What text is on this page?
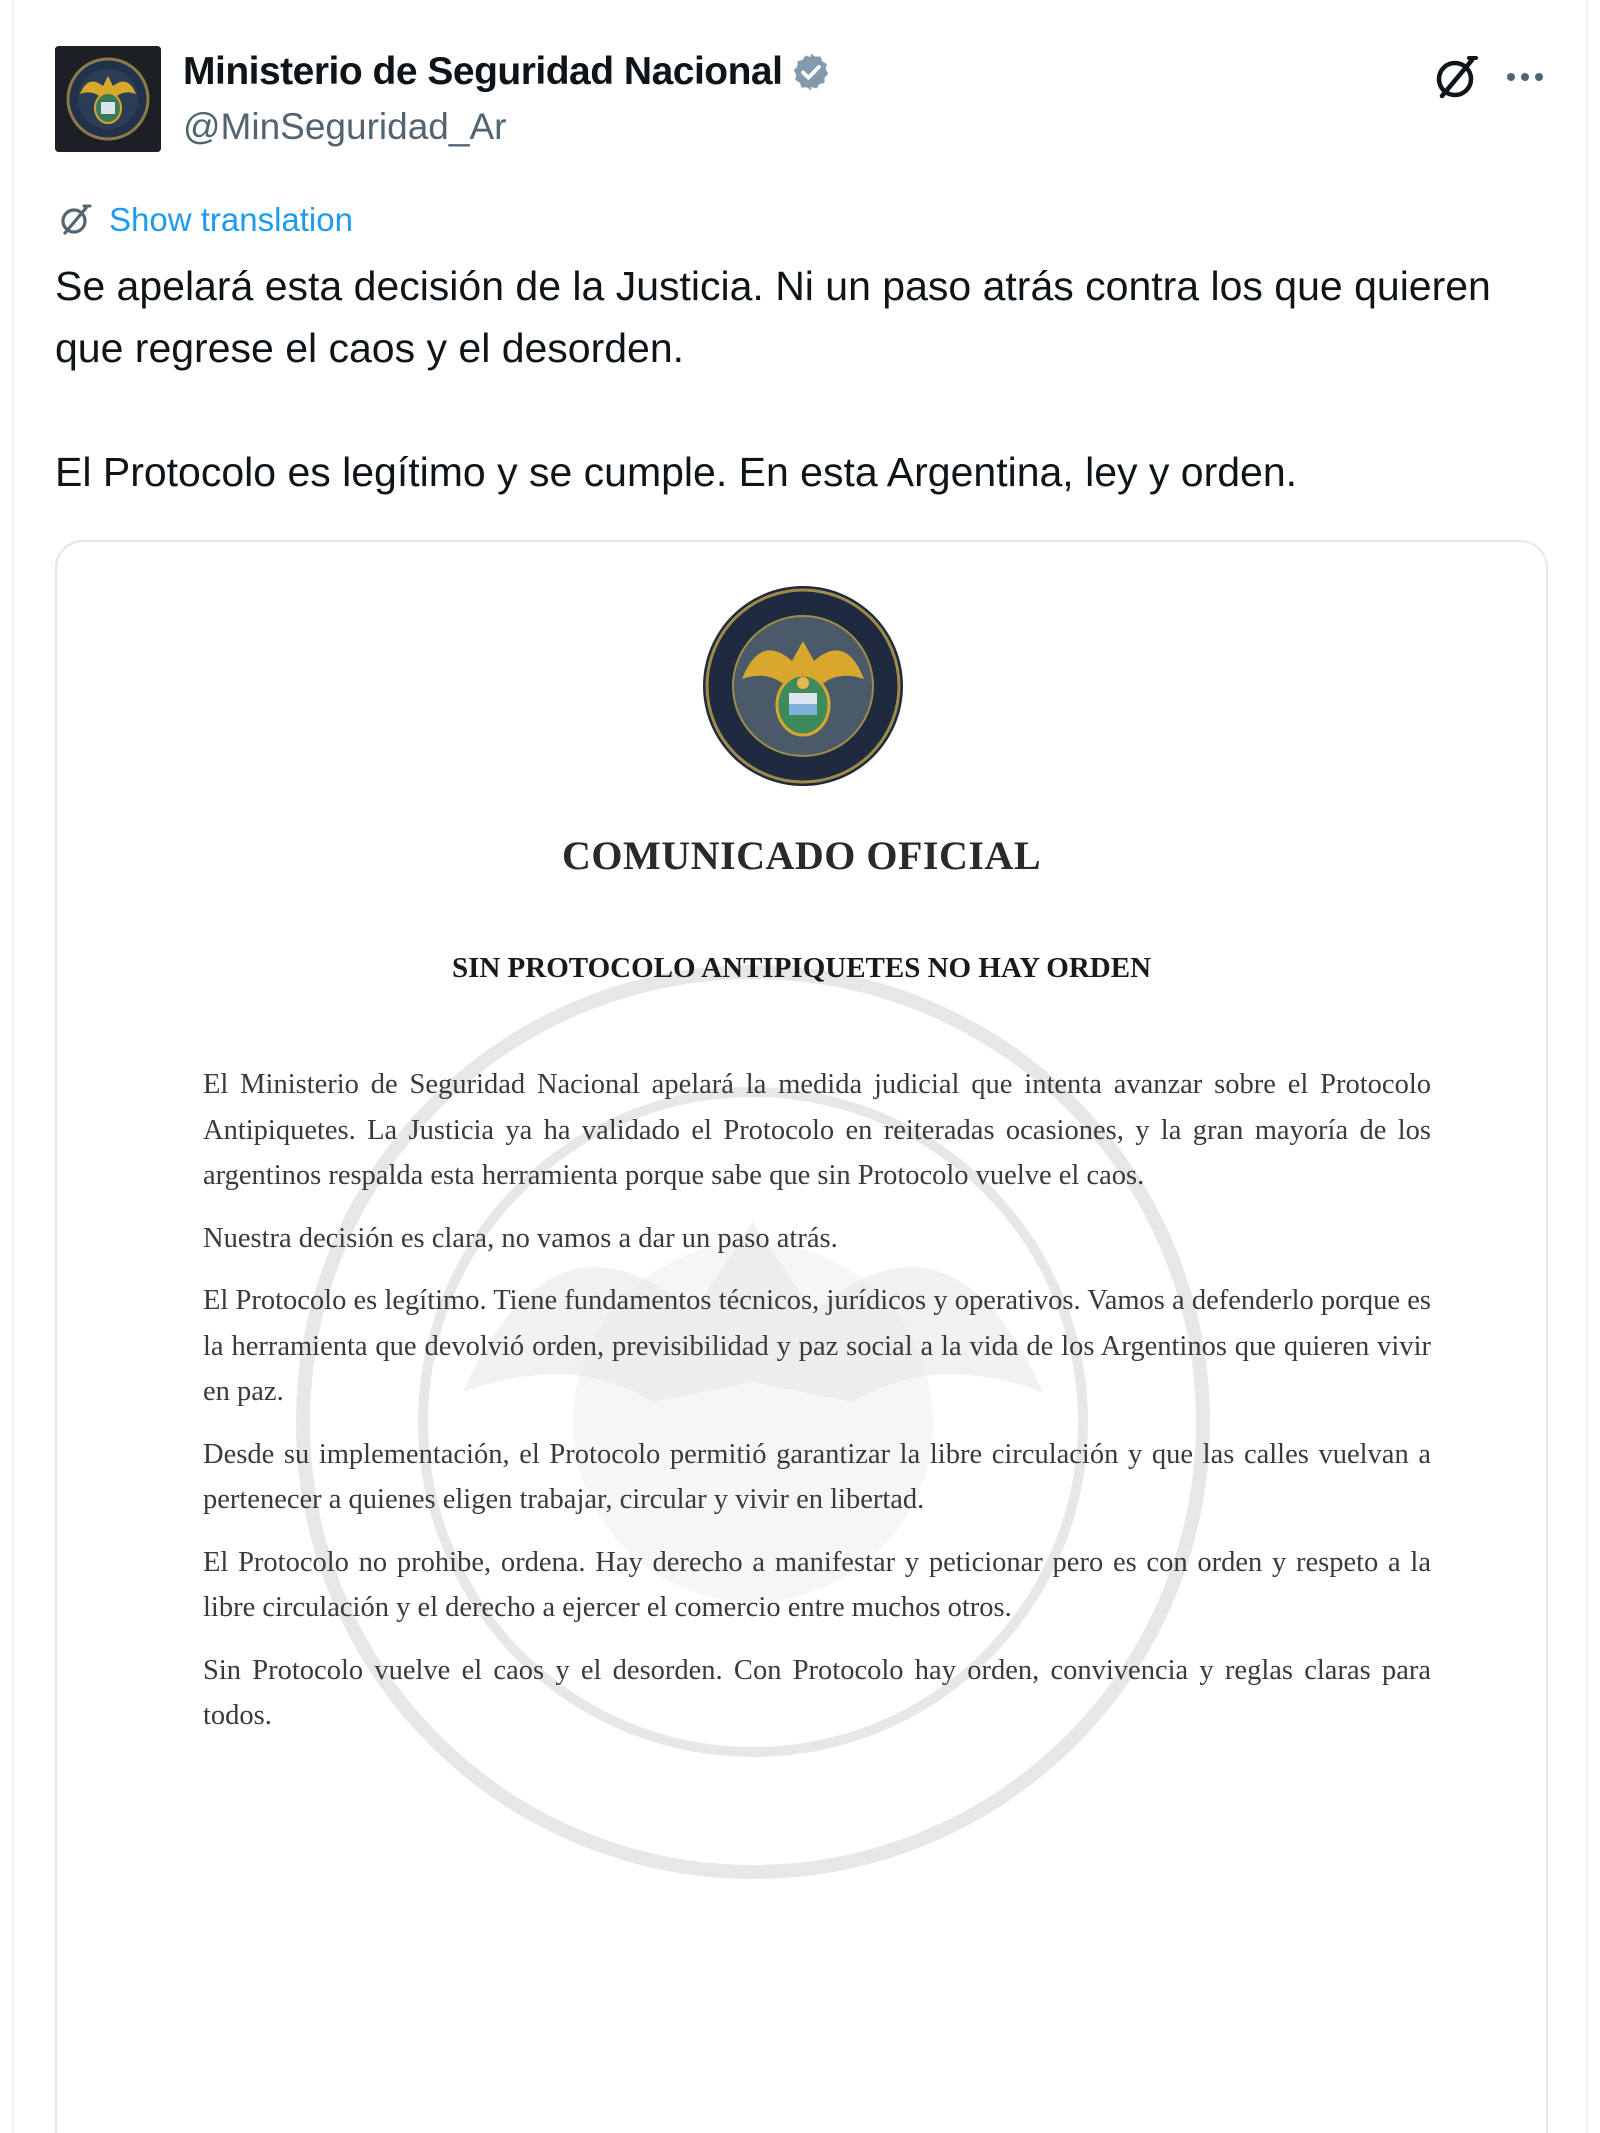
Ministerio de Seguridad Nacional
@MinSeguridad_Ar
Show translation

Se apelará esta decisión de la Justicia. Ni un paso atrás contra los que quieren que regrese el caos y el desorden.

El Protocolo es legítimo y se cumple. En esta Argentina, ley y orden.

COMUNICADO OFICIAL
SIN PROTOCOLO ANTIPIQUETES NO HAY ORDEN

El Ministerio de Seguridad Nacional apelará la medida judicial que intenta avanzar sobre el Protocolo Antipiquetes. La Justicia ya ha validado el Protocolo en reiteradas ocasiones, y la gran mayoría de los argentinos respalda esta herramienta porque sabe que sin Protocolo vuelve el caos.

Nuestra decisión es clara, no vamos a dar un paso atrás.

El Protocolo es legítimo. Tiene fundamentos técnicos, jurídicos y operativos. Vamos a defenderlo porque es la herramienta que devolvió orden, previsibilidad y paz social a la vida de los Argentinos que quieren vivir en paz.

Desde su implementación, el Protocolo permitió garantizar la libre circulación y que las calles vuelvan a pertenecer a quienes eligen trabajar, circular y vivir en libertad.

El Protocolo no prohibe, ordena. Hay derecho a manifestar y peticionar pero es con orden y respeto a la libre circulación y el derecho a ejercer el comercio entre muchos otros.

Sin Protocolo vuelve el caos y el desorden. Con Protocolo hay orden, convivencia y reglas claras para todos.
